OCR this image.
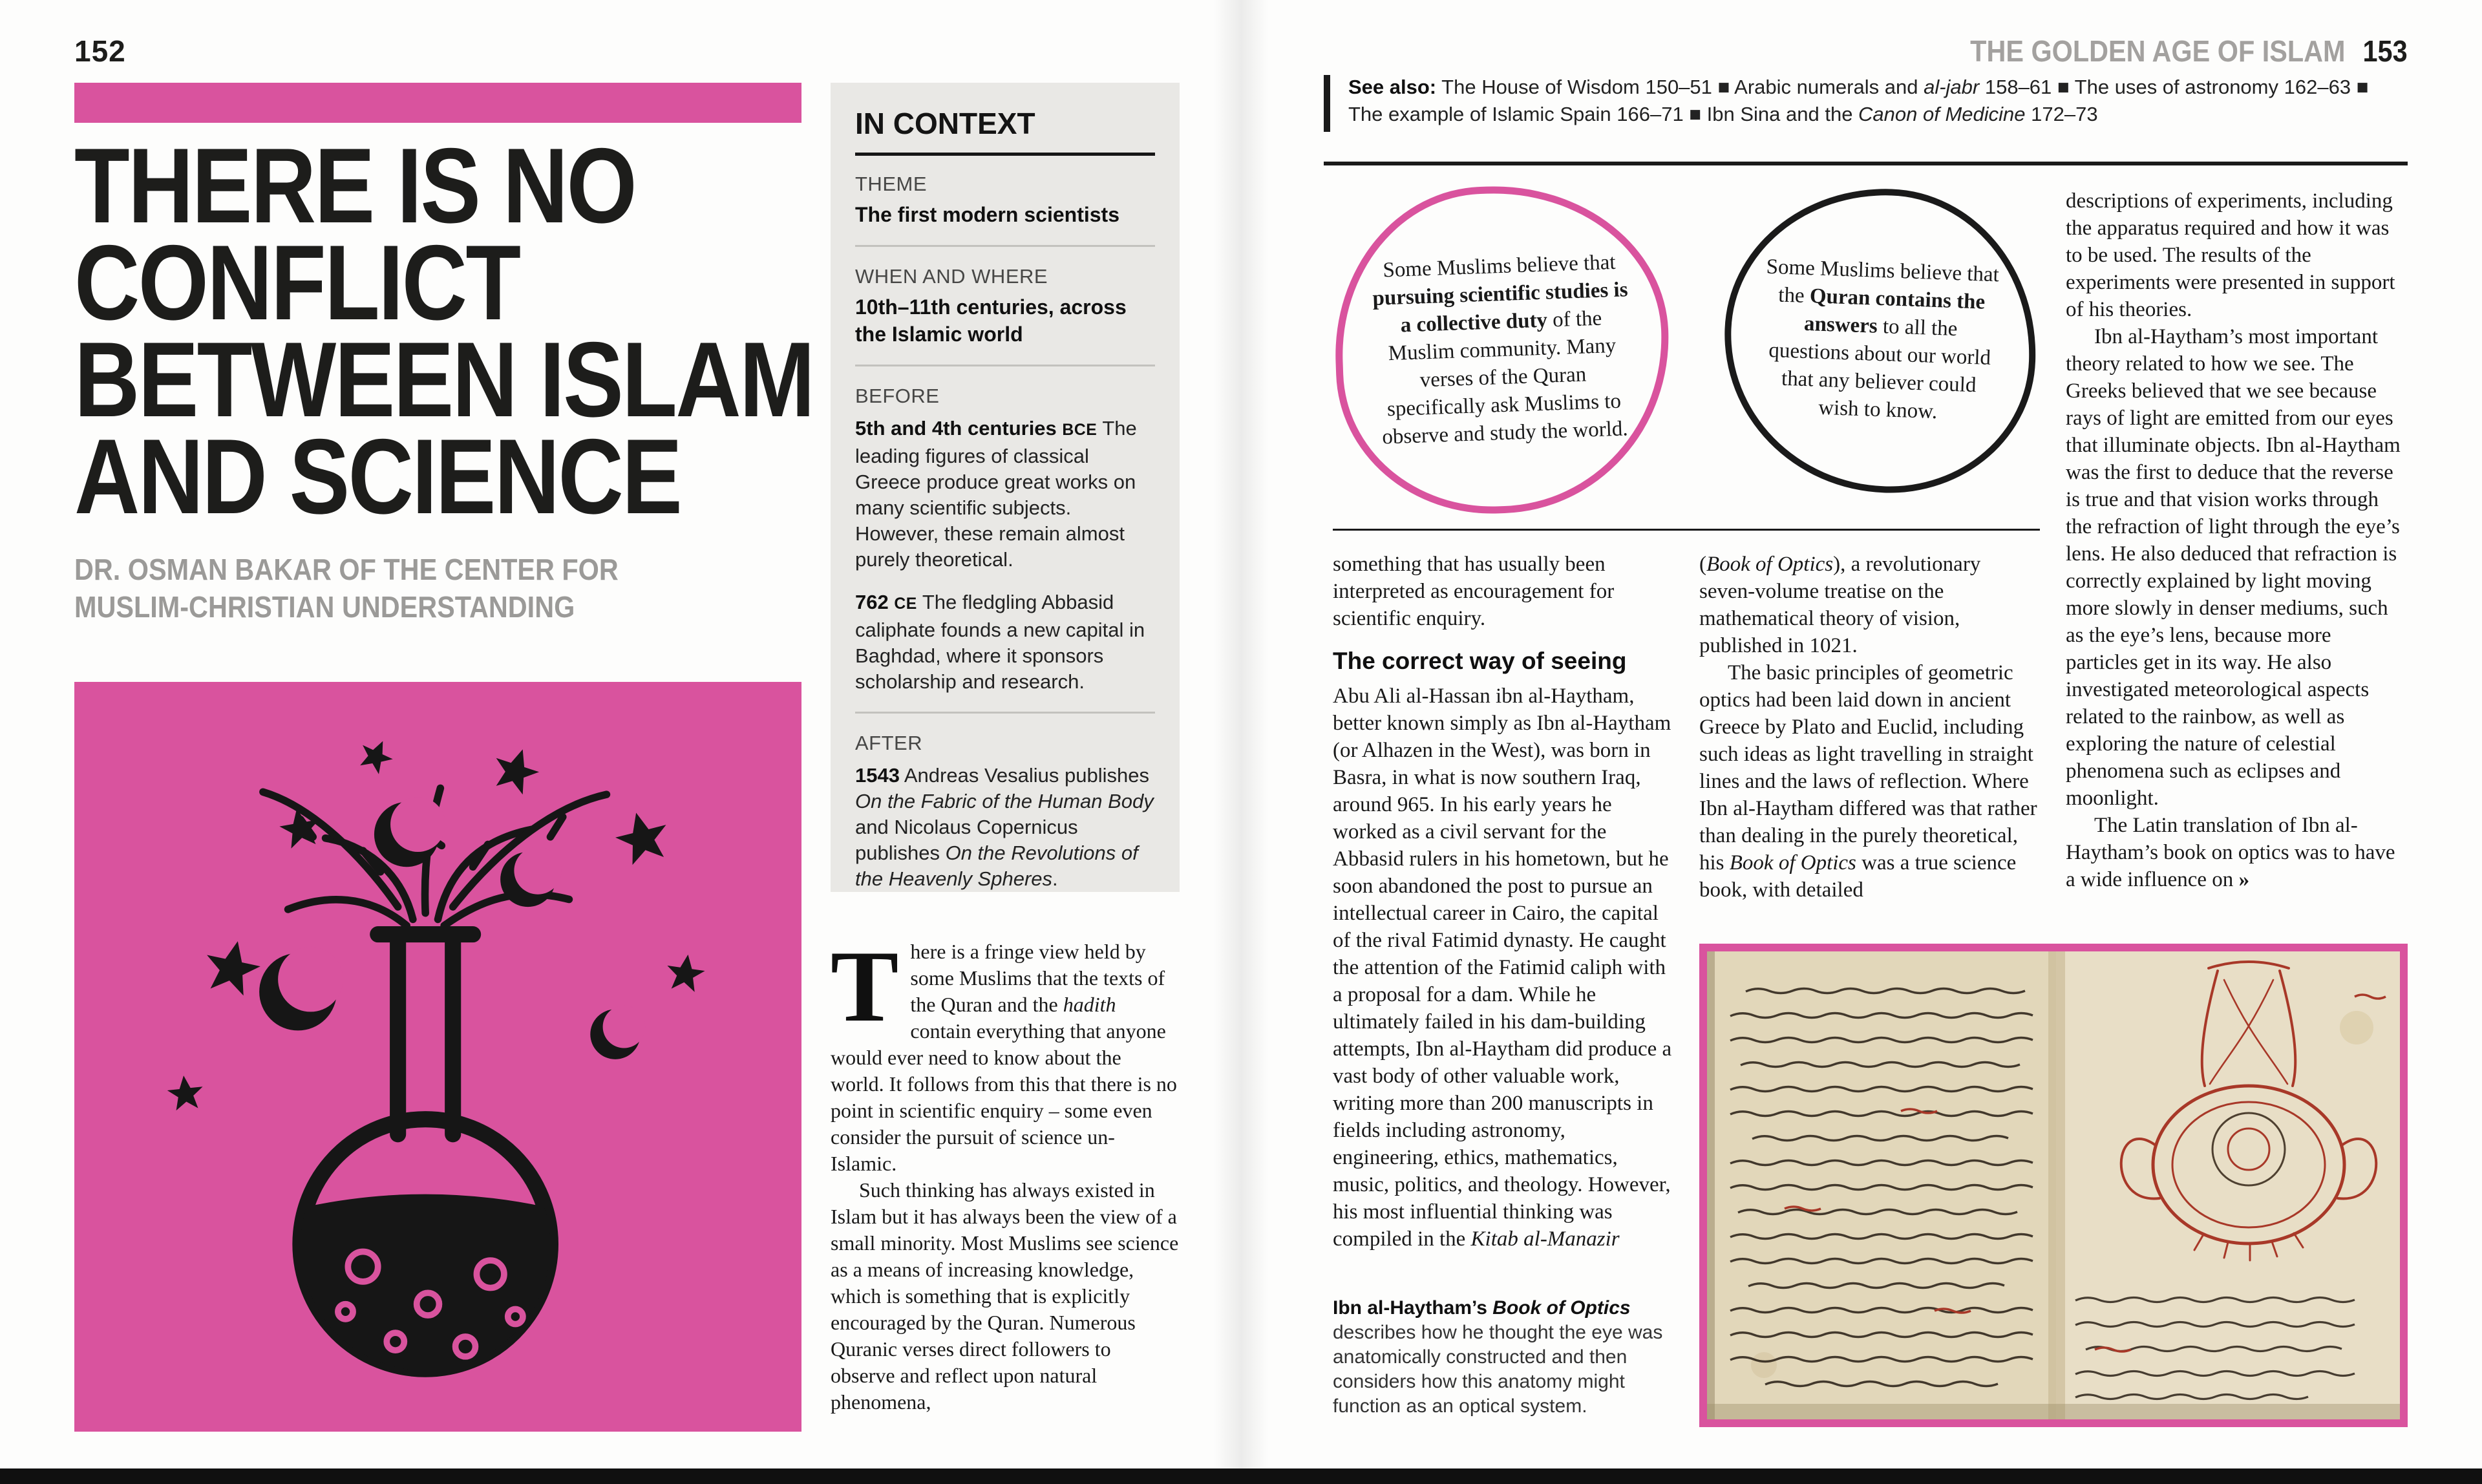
152
THERE IS NO
CONFLICT
BETWEEN ISLAM
AND SCIENCE
DR. OSMAN BAKAR OF THE CENTER FOR
MUSLIM-CHRISTIAN UNDERSTANDING
IN CONTEXT

THEME

The first modern scientists

WHEN AND WHERE

10th–11th centuries, across the Islamic world

BEFORE

5th and 4th centuries BCE The leading figures of classical Greece produce great works on many scientific subjects. However, these remain almost purely theoretical.

762 CE The fledgling Abbasid caliphate founds a new capital in Baghdad, where it sponsors scholarship and research.

AFTER

1543 Andreas Vesalius publishes On the Fabric of the Human Body and Nicolaus Copernicus publishes On the Revolutions of the Heavenly Spheres.

T here is a fringe view held by some Muslims that the texts of the Quran and the hadith contain everything that anyone would ever need to know about the world. It follows from this that there is no point in scientific enquiry – some even consider the pursuit of science un-Islamic.

Such thinking has always existed in Islam but it has always been the view of a small minority. Most Muslims see science as a means of increasing knowledge, which is something that is explicitly encouraged by the Quran. Numerous Quranic verses direct followers to observe and reflect upon natural phenomena,

THE GOLDEN AGE OF ISLAM 153
See also: The House of Wisdom 150–51 ■ Arabic numerals and al-jabr 158–61 ■ The uses of astronomy 162–63 ■ The example of Islamic Spain 166–71 ■ Ibn Sina and the Canon of Medicine 172–73
Some Muslims believe that pursuing scientific studies is a collective duty of the Muslim community. Many verses of the Quran specifically ask Muslims to observe and study the world.
Some Muslims believe that the Quran contains the answers to all the questions about our world that any believer could wish to know.

something that has usually been interpreted as encouragement for scientific enquiry.

The correct way of seeing

Abu Ali al-Hassan ibn al-Haytham, better known simply as Ibn al-Haytham (or Alhazen in the West), was born in Basra, in what is now southern Iraq, around 965. In his early years he worked as a civil servant for the Abbasid rulers in his hometown, but he soon abandoned the post to pursue an intellectual career in Cairo, the capital of the rival Fatimid dynasty. He caught the attention of the Fatimid caliph with a proposal for a dam. While he ultimately failed in his dam-building attempts, Ibn al-Haytham did produce a vast body of other valuable work, writing more than 200 manuscripts in fields including astronomy, engineering, ethics, mathematics, music, politics, and theology. However, his most influential thinking was compiled in the Kitab al-Manazir

(Book of Optics), a revolutionary seven-volume treatise on the mathematical theory of vision, published in 1021.

The basic principles of geometric optics had been laid down in ancient Greece by Plato and Euclid, including such ideas as light travelling in straight lines and the laws of reflection. Where Ibn al-Haytham differed was that rather than dealing in the purely theoretical, his Book of Optics was a true science book, with detailed

descriptions of experiments, including the apparatus required and how it was to be used. The results of the experiments were presented in support of his theories.

Ibn al-Haytham’s most important theory related to how we see. The Greeks believed that we see because rays of light are emitted from our eyes that illuminate objects. Ibn al-Haytham was the first to deduce that the reverse is true and that vision works through the refraction of light through the eye’s lens. He also deduced that refraction is correctly explained by light moving more slowly in denser mediums, such as the eye’s lens, because more particles get in its way. He also investigated meteorological aspects related to the rainbow, as well as exploring the nature of celestial phenomena such as eclipses and moonlight.

The Latin translation of Ibn al-Haytham’s book on optics was to have a wide influence on »

Ibn al-Haytham’s Book of Optics describes how he thought the eye was anatomically constructed and then considers how this anatomy might function as an optical system.
